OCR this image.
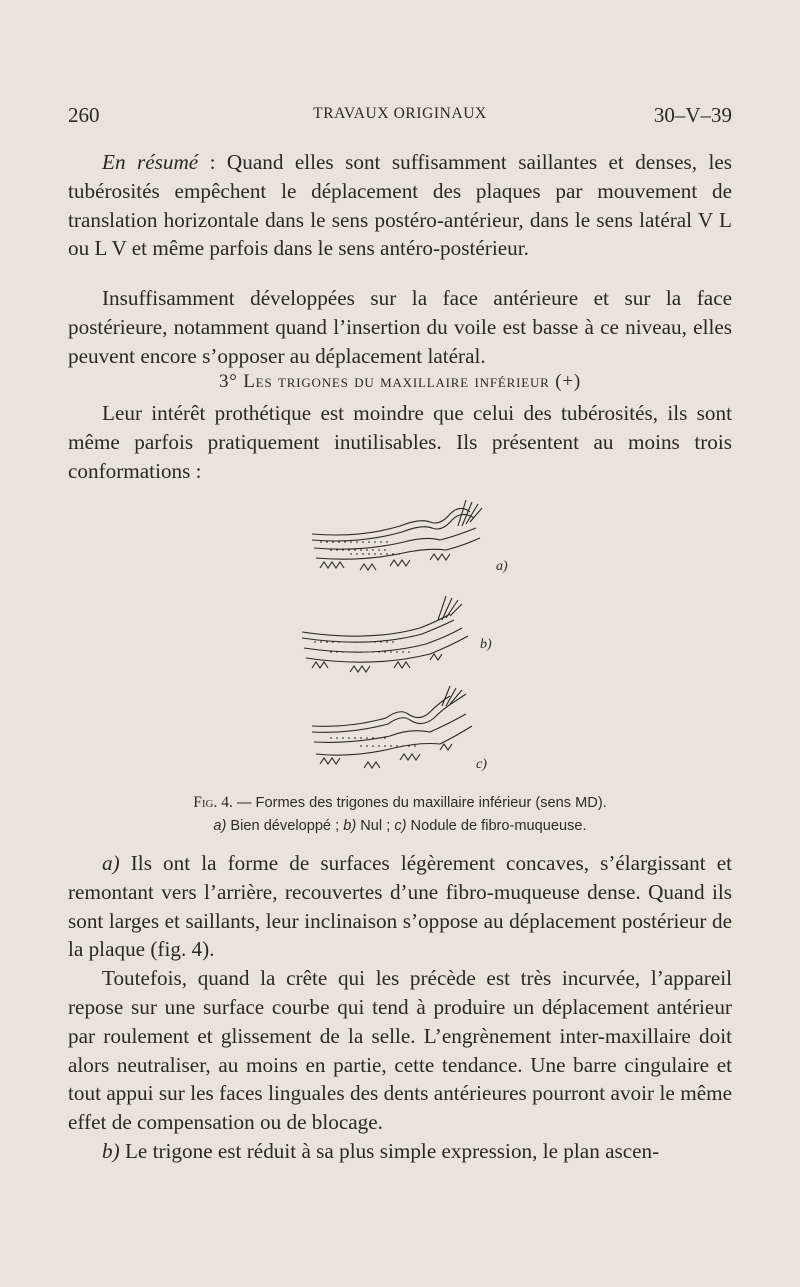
260	TRAVAUX ORIGINAUX	30–V–39

En résumé : Quand elles sont suffisamment saillantes et denses, les tubérosités empêchent le déplacement des plaques par mouvement de translation horizontale dans le sens postéro-antérieur, dans le sens latéral V L ou L V et même parfois dans le sens antéro-postérieur.

Insuffisamment développées sur la face antérieure et sur la face postérieure, notamment quand l’insertion du voile est basse à ce niveau, elles peuvent encore s’opposer au déplacement latéral.

3° Les trigones du maxillaire inférieur (+)

Leur intérêt prothétique est moindre que celui des tubérosités, ils sont même parfois pratiquement inutilisables. Ils présentent au moins trois conformations :

a)
b)
c)
Fig. 4. — Formes des trigones du maxillaire inférieur (sens MD).
a) Bien développé ; b) Nul ; c) Nodule de fibro-muqueuse.

a) Ils ont la forme de surfaces légèrement concaves, s’élargissant et remontant vers l’arrière, recouvertes d’une fibro-muqueuse dense. Quand ils sont larges et saillants, leur inclinaison s’oppose au déplacement postérieur de la plaque (fig. 4).

Toutefois, quand la crête qui les précède est très incurvée, l’appareil repose sur une surface courbe qui tend à produire un déplacement antérieur par roulement et glissement de la selle. L’engrènement inter-maxillaire doit alors neutraliser, au moins en partie, cette tendance. Une barre cingulaire et tout appui sur les faces linguales des dents antérieures pourront avoir le même effet de compensation ou de blocage.

b) Le trigone est réduit à sa plus simple expression, le plan ascen-
